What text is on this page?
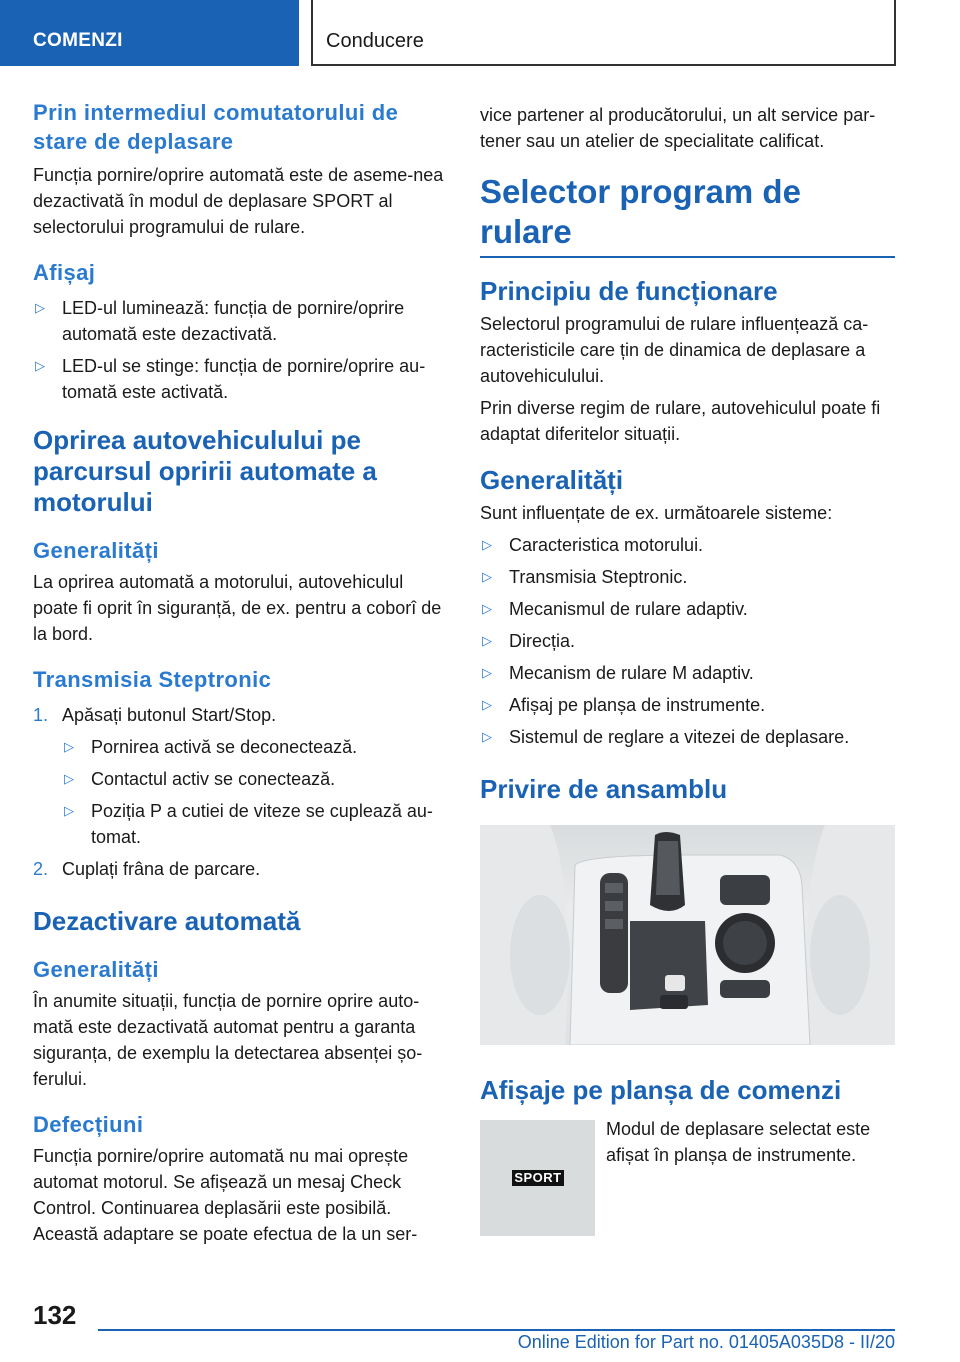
COMENZI	Conducere
Prin intermediul comutatorului de stare de deplasare
Funcția pornire/oprire automată este de aseme-nea dezactivată în modul de deplasare SPORT al selectorului programului de rulare.
Afișaj
▷ LED-ul luminează: funcția de pornire/oprire automată este dezactivată.
▷ LED-ul se stinge: funcția de pornire/oprire au-tomată este activată.
Oprirea autovehiculului pe parcursul opririi automate a motorului
Generalități
La oprirea automată a motorului, autovehiculul poate fi oprit în siguranță, de ex. pentru a coborî de la bord.
Transmisia Steptronic
1. Apăsați butonul Start/Stop.
▷ Pornirea activă se deconectează.
▷ Contactul activ se conectează.
▷ Poziția P a cutiei de viteze se cuplează au-tomat.
2. Cuplați frâna de parcare.
Dezactivare automată
Generalități
În anumite situații, funcția de pornire oprire auto-mată este dezactivată automat pentru a garanta siguranța, de exemplu la detectarea absenței șo-ferului.
Defecțiuni
Funcția pornire/oprire automată nu mai oprește automat motorul. Se afișează un mesaj Check Control. Continuarea deplasării este posibilă. Această adaptare se poate efectua de la un ser-
vice partener al producătorului, un alt service par-tener sau un atelier de specialitate calificat.
Selector program de rulare
Principiu de funcționare
Selectorul programului de rulare influențează ca-racteristicile care țin de dinamica de deplasare a autovehiculului.
Prin diverse regim de rulare, autovehiculul poate fi adaptat diferitelor situații.
Generalități
Sunt influențate de ex. următoarele sisteme:
▷ Caracteristica motorului.
▷ Transmisia Steptronic.
▷ Mecanismul de rulare adaptiv.
▷ Direcția.
▷ Mecanism de rulare M adaptiv.
▷ Afișaj pe planșa de instrumente.
▷ Sistemul de reglare a vitezei de deplasare.
Privire de ansamblu
Afișaje pe planșa de comenzi
SPORT
Modul de deplasare selectat este afișat în planșa de instrumente.
132
Online Edition for Part no. 01405A035D8 - II/20
